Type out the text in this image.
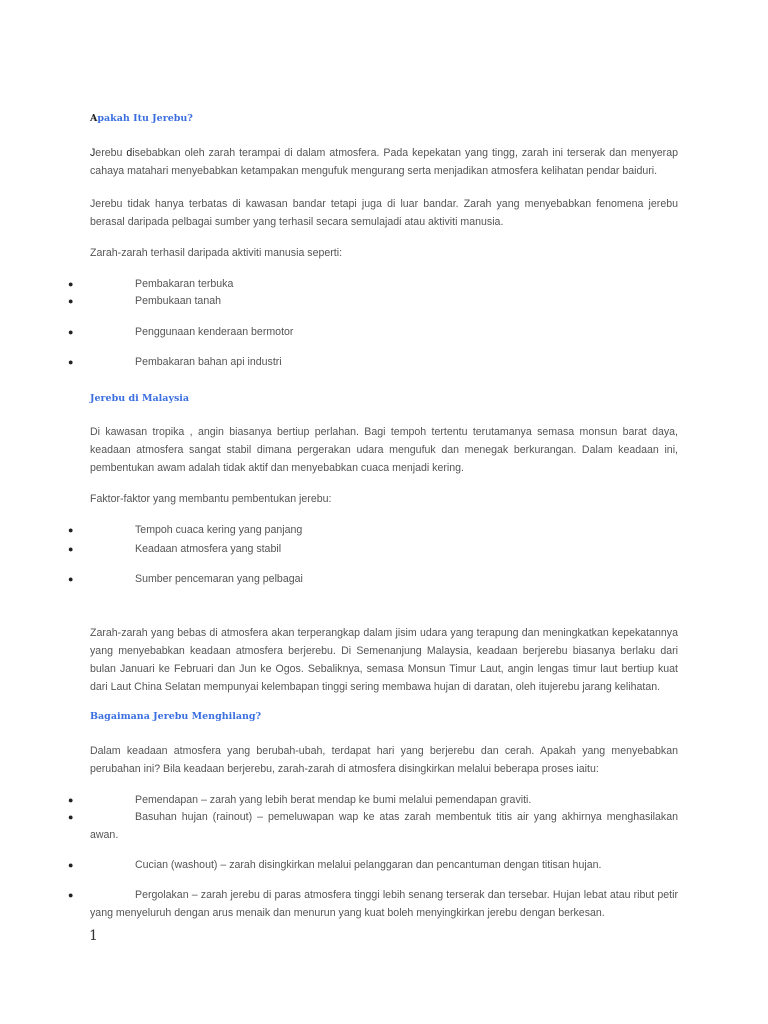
Apakah Itu Jerebu?
Jerebu disebabkan oleh zarah terampai di dalam atmosfera. Pada kepekatan yang tingg, zarah ini terserak dan menyerap cahaya matahari menyebabkan ketampakan mengufuk mengurang serta menjadikan atmosfera kelihatan pendar baiduri.
Jerebu tidak hanya terbatas di kawasan bandar tetapi juga di luar bandar. Zarah yang menyebabkan fenomena jerebu berasal daripada pelbagai sumber yang terhasil secara semulajadi atau aktiviti manusia.
Zarah-zarah terhasil daripada aktiviti manusia seperti:
●	Pembakaran terbuka
●	Pembukaan tanah
●	Penggunaan kenderaan bermotor
●	Pembakaran bahan api industri
Jerebu di Malaysia
Di kawasan tropika , angin biasanya bertiup perlahan. Bagi tempoh tertentu terutamanya semasa monsun barat daya, keadaan atmosfera sangat stabil dimana pergerakan udara mengufuk dan menegak berkurangan. Dalam keadaan ini, pembentukan awam adalah tidak aktif dan menyebabkan cuaca menjadi kering.
Faktor-faktor yang membantu pembentukan jerebu:
●	Tempoh cuaca kering yang panjang
●	Keadaan atmosfera yang stabil
●	Sumber pencemaran yang pelbagai
Zarah-zarah yang bebas di atmosfera akan terperangkap dalam jisim udara yang terapung dan meningkatkan kepekatannya yang menyebabkan keadaan atmosfera berjerebu. Di Semenanjung Malaysia, keadaan berjerebu biasanya berlaku dari bulan Januari ke Februari dan Jun ke Ogos. Sebaliknya, semasa Monsun Timur Laut, angin lengas timur laut bertiup kuat dari Laut China Selatan mempunyai kelembapan tinggi sering membawa hujan di daratan, oleh itujerebu jarang kelihatan.
Bagaimana Jerebu Menghilang?
Dalam keadaan atmosfera yang berubah-ubah, terdapat hari yang berjerebu dan cerah. Apakah yang menyebabkan perubahan ini? Bila keadaan berjerebu, zarah-zarah di atmosfera disingkirkan melalui beberapa proses iaitu:
●	Pemendapan – zarah yang lebih berat mendap ke bumi melalui pemendapan graviti.
●	Basuhan hujan (rainout) – pemeluwapan wap ke atas zarah membentuk titis air yang akhirnya menghasilakan awan.
●	Cucian (washout) – zarah disingkirkan melalui pelanggaran dan pencantuman dengan titisan hujan.
●	Pergolakan – zarah jerebu di paras atmosfera tinggi lebih senang terserak dan tersebar. Hujan lebat atau ribut petir yang menyeluruh dengan arus menaik dan menurun yang kuat boleh menyingkirkan jerebu dengan berkesan.
1
